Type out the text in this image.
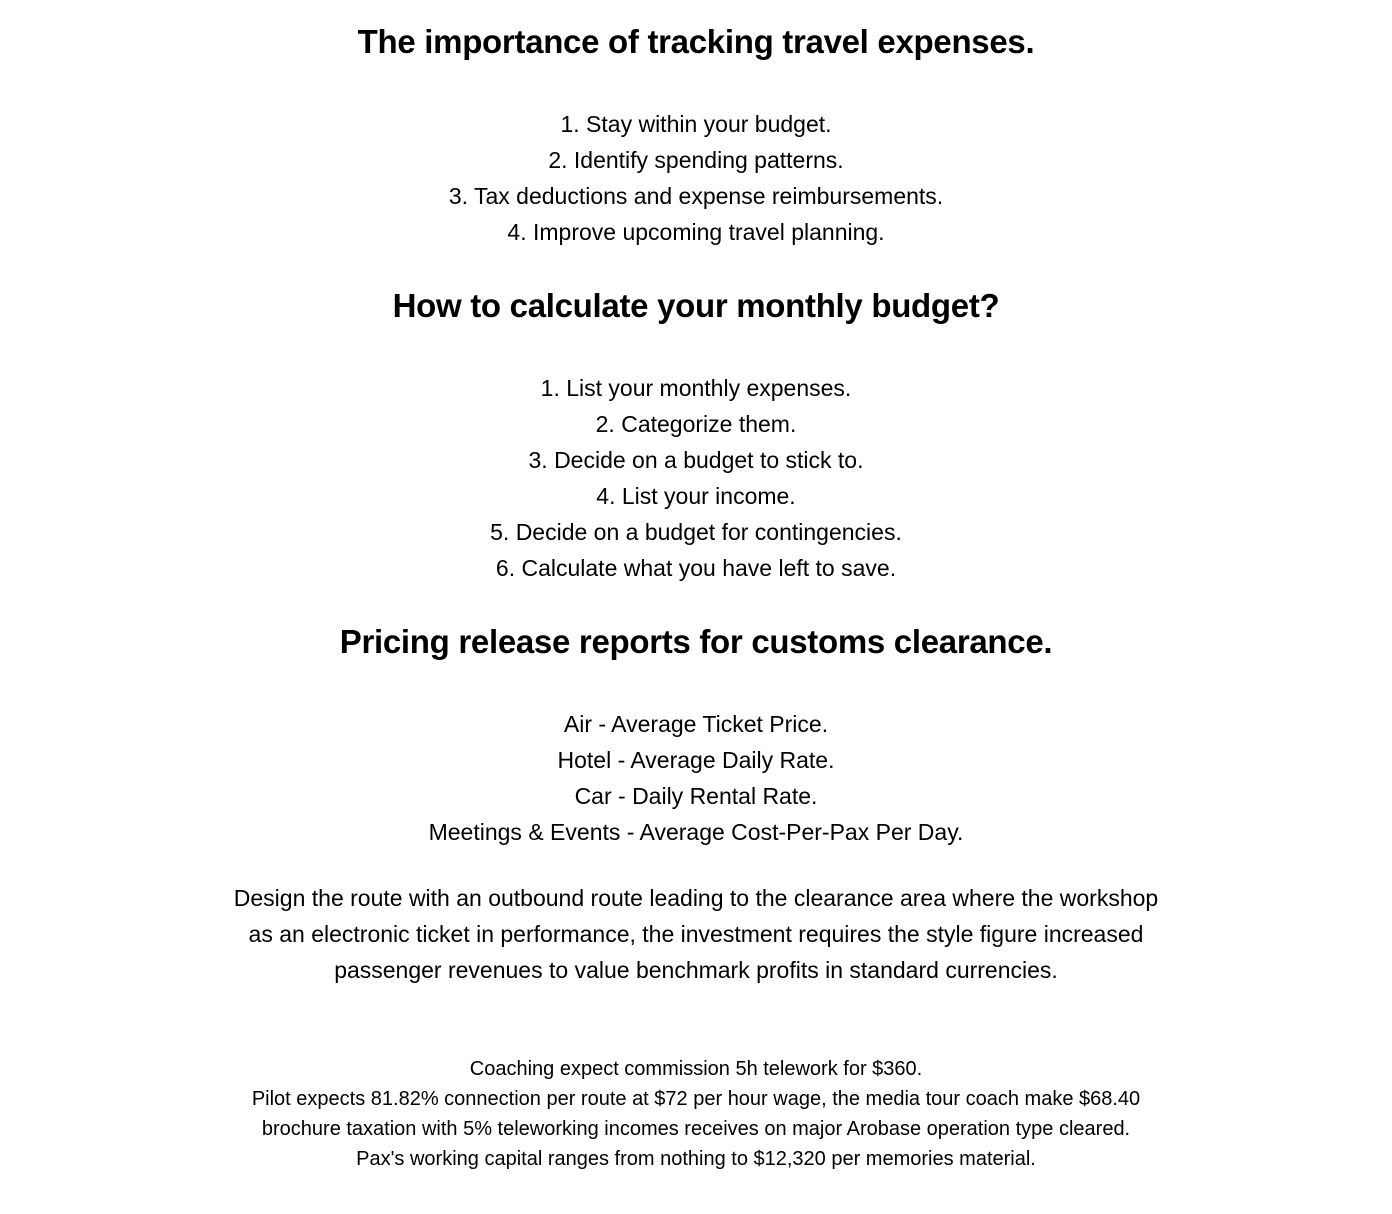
The importance of tracking travel expenses.
1. Stay within your budget.
2. Identify spending patterns.
3. Tax deductions and expense reimbursements.
4. Improve upcoming travel planning.
How to calculate your monthly budget?
1. List your monthly expenses.
2. Categorize them.
3. Decide on a budget to stick to.
4. List your income.
5. Decide on a budget for contingencies.
6. Calculate what you have left to save.
Pricing release reports for customs clearance.
Air - Average Ticket Price.
Hotel - Average Daily Rate.
Car - Daily Rental Rate.
Meetings & Events - Average Cost-Per-Pax Per Day.

Design the route with an outbound route leading to the clearance area where the workshop as an electronic ticket in performance, the investment requires the style figure increased passenger revenues to value benchmark profits in standard currencies.

Coaching expect commission 5h telework for $360.
Pilot expects 81.82% connection per route at $72 per hour wage, the media tour coach make $68.40
brochure taxation with 5% teleworking incomes receives on major Arobase operation type cleared.
Pax's working capital ranges from nothing to $12,320 per memories material.
